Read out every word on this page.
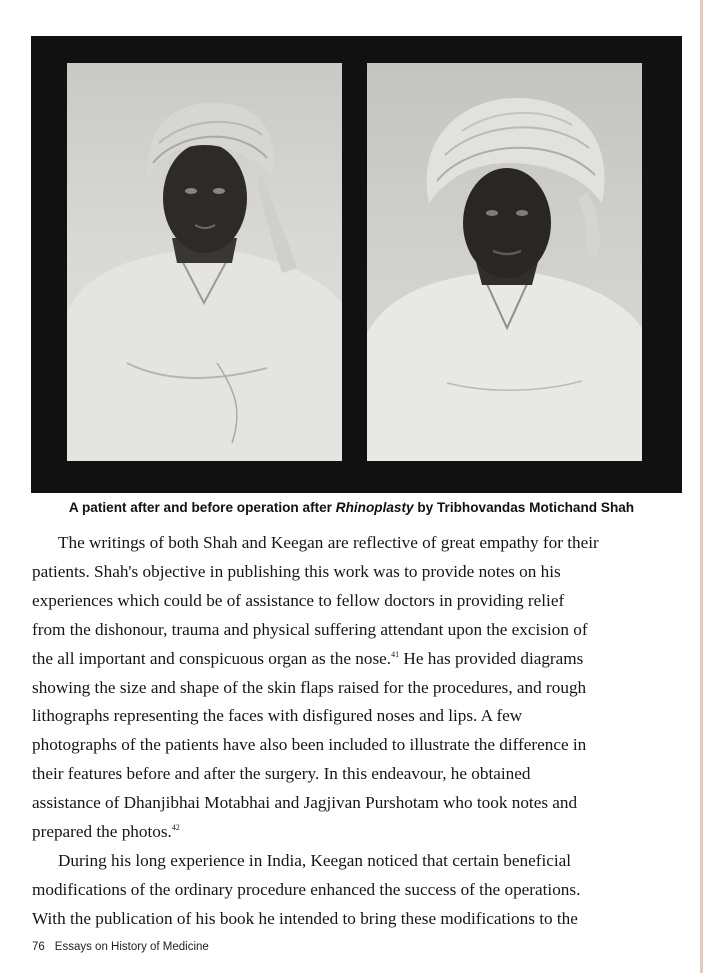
A patient after and before operation after Rhinoplasty by Tribhovandas Motichand Shah
The writings of both Shah and Keegan are reflective of great empathy for their
patients. Shah's objective in publishing this work was to provide notes on his
experiences which could be of assistance to fellow doctors in providing relief
from the dishonour, trauma and physical suffering attendant upon the excision of
the all important and conspicuous organ as the nose.$^{41}$ He has provided diagrams
showing the size and shape of the skin flaps raised for the procedures, and rough
lithographs representing the faces with disfigured noses and lips. A few
photographs of the patients have also been included to illustrate the difference in
their features before and after the surgery. In this endeavour, he obtained
assistance of Dhanjibhai Motabhai and Jagjivan Purshotam who took notes and
prepared the photos.$^{42}$
During his long experience in India, Keegan noticed that certain beneficial
modifications of the ordinary procedure enhanced the success of the operations.
With the publication of his book he intended to bring these modifications to the
76 Essays on History of Medicine
